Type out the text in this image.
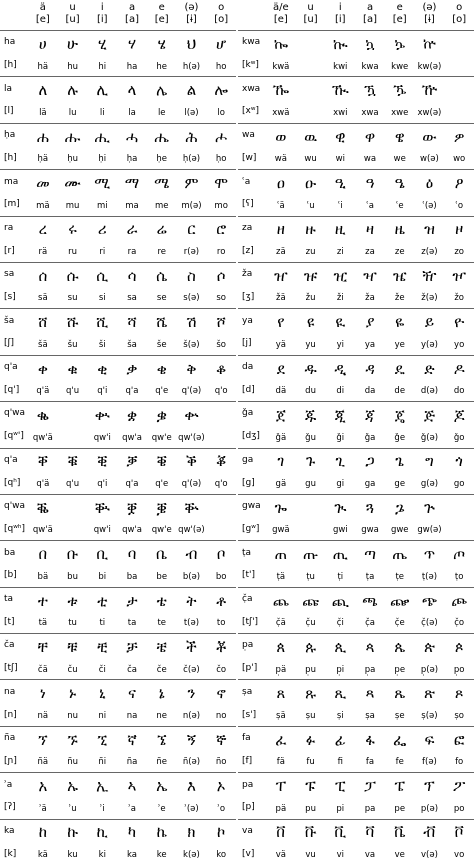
ä
[e]
u
[u]
i
[i]
a
[a]
e
[e]
(ə)
[ɨ]
o
[o]
ha
[h]
ሀ
hä
ሁ
hu
ሂ
hi
ሃ
ha
ሄ
he
ህ
h(ə)
ሆ
ho
la
[l]
ለ
lä
ሉ
lu
ሊ
li
ላ
la
ሌ
le
ል
l(ə)
ሎ
lo
ḥa
[h]
ሐ
ḥä
ሑ
ḥu
ሒ
ḥi
ሓ
ḥa
ሔ
ḥe
ሕ
ḥ(ə)
ሖ
ḥo
ma
[m]
መ
mä
ሙ
mu
ሚ
mi
ማ
ma
ሜ
me
ም
m(ə)
ሞ
mo
ra
[r]
ረ
rä
ሩ
ru
ሪ
ri
ራ
ra
ሬ
re
ር
r(ə)
ሮ
ro
sa
[s]
ሰ
sä
ሱ
su
ሲ
si
ሳ
sa
ሴ
se
ስ
s(ə)
ሶ
so
ša
[ʃ]
ሸ
šä
ሹ
šu
ሺ
ši
ሻ
ša
ሼ
še
ሽ
š(ə)
ሾ
šo
q'a
[q']
ቀ
q'ä
ቁ
q'u
ቂ
q'i
ቃ
q'a
ቄ
q'e
ቅ
q'(ə)
ቆ
q'o
q'wa
[qʷ']
ቈ
qw'ä
ቊ
qw'i
ቋ
qw'a
ቌ
qw'e
ቍ
qw'(ə)
q'a
[qʰ]
ቐ
q'ä
ቑ
q'u
ቒ
q'i
ቓ
q'a
ቔ
q'e
ቕ
q'(ə)
ቖ
q'o
q'wa
[qʷʰ]
ቘ
qw'ä
ቚ
qw'i
ቛ
qw'a
ቜ
qw'e
ቝ
qw'(ə)
ba
[b]
በ
bä
ቡ
bu
ቢ
bi
ባ
ba
ቤ
be
ብ
b(ə)
ቦ
bo
ta
[t]
ተ
tä
ቱ
tu
ቲ
ti
ታ
ta
ቴ
te
ት
t(ə)
ቶ
to
ča
[tʃ]
ቸ
čä
ቹ
ču
ቺ
či
ቻ
ča
ቼ
če
ች
č(ə)
ቾ
čo
na
[n]
ነ
nä
ኑ
nu
ኒ
ni
ና
na
ኔ
ne
ን
n(ə)
ኖ
no
ña
[ɲ]
ኘ
ñä
ኙ
ñu
ኚ
ñi
ኛ
ña
ኜ
ñe
ኝ
ñ(ə)
ኞ
ño
ʾa
[ʔ]
አ
ʾä
ኡ
ʾu
ኢ
ʾi
ኣ
ʾa
ኤ
ʾe
እ
ʾ(ə)
ኦ
ʾo
ka
[k]
ከ
kä
ኩ
ku
ኪ
ki
ካ
ka
ኬ
ke
ክ
k(ə)
ኮ
ko
ä/e
[e]
u
[u]
i
[i]
a
[a]
e
[e]
(ə)
[ɨ]
o
[o]
kwa
[kʷ]
ኰ
kwä
ኲ
kwi
ኳ
kwa
ኴ
kwe
ኵ
kw(ə)
xwa
[xʷ]
ዀ
xwä
ዂ
xwi
ዃ
xwa
ዄ
xwe
ዅ
xw(ə)
wa
[w]
ወ
wä
ዉ
wu
ዊ
wi
ዋ
wa
ዌ
we
ው
w(ə)
ዎ
wo
ʿa
[ʕ]
ዐ
ʿä
ዑ
ʿu
ዒ
ʿi
ዓ
ʿa
ዔ
ʿe
ዕ
ʿ(ə)
ዖ
ʿo
za
[z]
ዘ
zä
ዙ
zu
ዚ
zi
ዛ
za
ዜ
ze
ዝ
z(ə)
ዞ
zo
ža
[ʒ]
ዠ
žä
ዡ
žu
ዢ
ži
ዣ
ža
ዤ
že
ዥ
ž(ə)
ዦ
žo
ya
[j]
የ
yä
ዩ
yu
ዪ
yi
ያ
ya
ዬ
ye
ይ
y(ə)
ዮ
yo
da
[d]
ደ
dä
ዱ
du
ዲ
di
ዳ
da
ዴ
de
ድ
d(ə)
ዶ
do
ǧa
[dʒ]
ጀ
ǧä
ጁ
ǧu
ጂ
ǧi
ጃ
ǧa
ጄ
ǧe
ጅ
ǧ(ə)
ጆ
ǧo
ga
[g]
ገ
gä
ጉ
gu
ጊ
gi
ጋ
ga
ጌ
ge
ግ
g(ə)
ጎ
go
gwa
[gʷ]
ጐ
gwä
ጒ
gwi
ጓ
gwa
ጔ
gwe
ጕ
gw(ə)
ṭa
[t']
ጠ
ṭä
ጡ
ṭu
ጢ
ṭi
ጣ
ṭa
ጤ
ṭe
ጥ
ṭ(ə)
ጦ
ṭo
č̣a
[tʃ']
ጨ
č̣ä
ጩ
č̣u
ጪ
č̣i
ጫ
č̣a
ጬ
č̣e
ጭ
č̣(ə)
ጮ
č̣o
p̣a
[p']
ጰ
p̣ä
ጱ
p̣u
ጲ
p̣i
ጳ
p̣a
ጴ
p̣e
ጵ
p̣(ə)
ጶ
p̣o
ṣa
[s']
ጸ
ṣä
ጹ
ṣu
ጺ
ṣi
ጻ
ṣa
ጼ
ṣe
ጽ
ṣ(ə)
ጾ
ṣo
fa
[f]
ፈ
fä
ፉ
fu
ፊ
fi
ፋ
fa
ፌ
fe
ፍ
f(ə)
ፎ
fo
pa
[p]
ፐ
pä
ፑ
pu
ፒ
pi
ፓ
pa
ፔ
pe
ፕ
p(ə)
ፖ
po
va
[v]
ቨ
vä
ቩ
vu
ቪ
vi
ቫ
va
ቬ
ve
ቭ
v(ə)
ቮ
vo
